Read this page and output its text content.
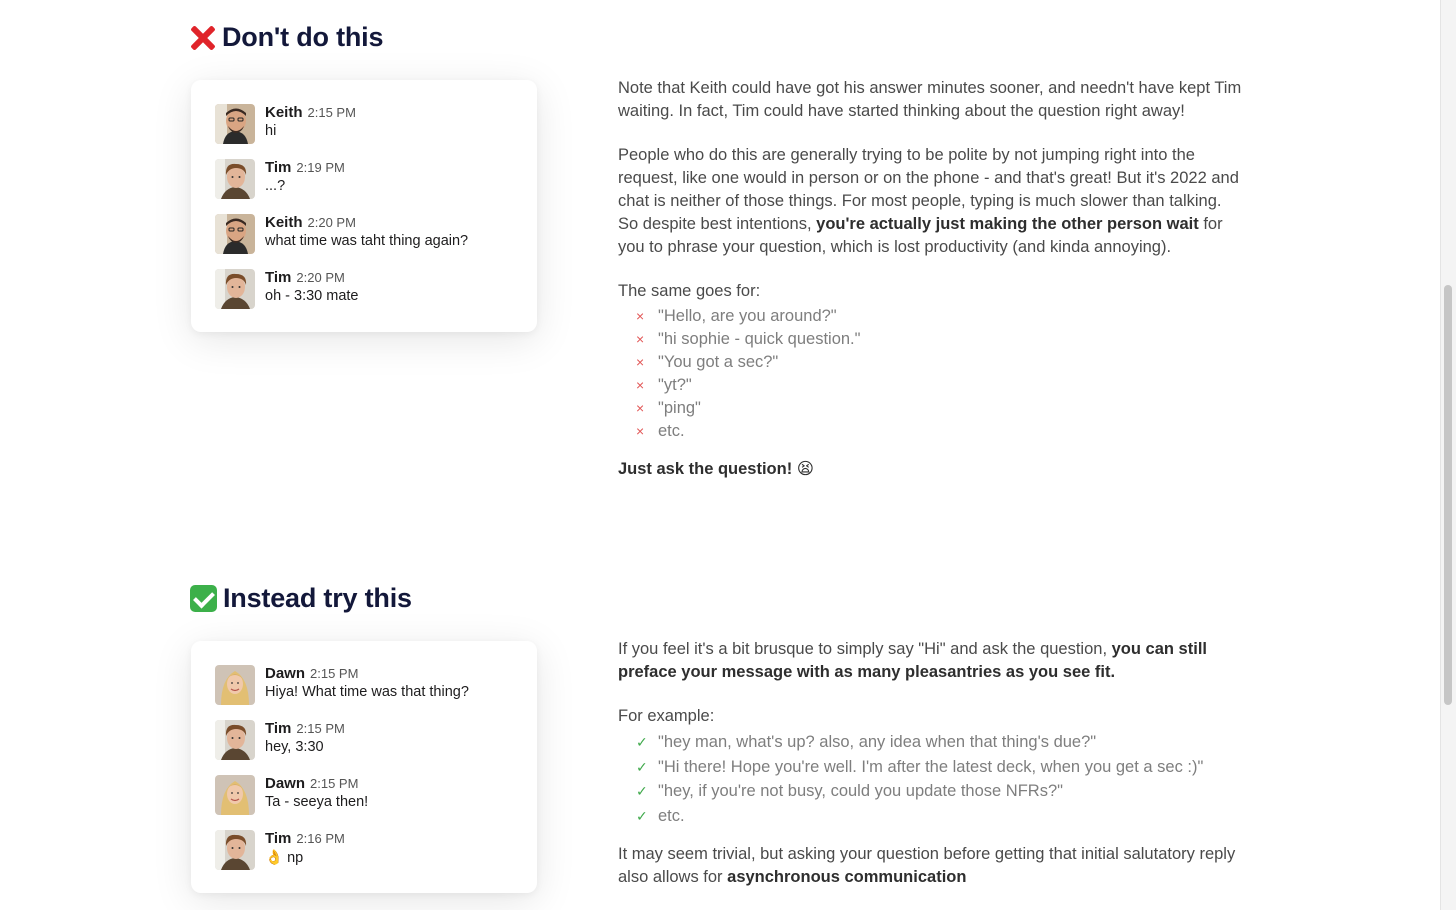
Don't do this
Keith 2:15 PM
hi
Tim 2:19 PM
...?
Keith 2:20 PM
what time was taht thing again?
Tim 2:20 PM
oh - 3:30 mate

Note that Keith could have got his answer minutes sooner, and needn't have kept Tim waiting. In fact, Tim could have started thinking about the question right away!

People who do this are generally trying to be polite by not jumping right into the request, like one would in person or on the phone - and that's great! But it's 2022 and chat is neither of those things. For most people, typing is much slower than talking. So despite best intentions, you're actually just making the other person wait for you to phrase your question, which is lost productivity (and kinda annoying).

The same goes for:

× "Hello, are you around?"
× "hi sophie - quick question."
× "You got a sec?"
× "yt?"
× "ping"
× etc.

Just ask the question! 😫

Instead try this
Dawn 2:15 PM
Hiya! What time was that thing?
Tim 2:15 PM
hey, 3:30
Dawn 2:15 PM
Ta - seeya then!
Tim 2:16 PM
👌 np

If you feel it's a bit brusque to simply say "Hi" and ask the question, you can still preface your message with as many pleasantries as you see fit.

For example:

✓ "hey man, what's up? also, any idea when that thing's due?"
✓ "Hi there! Hope you're well. I'm after the latest deck, when you get a sec :)"
✓ "hey, if you're not busy, could you update those NFRs?"
✓ etc.

It may seem trivial, but asking your question before getting that initial salutatory reply also allows for asynchronous communication
